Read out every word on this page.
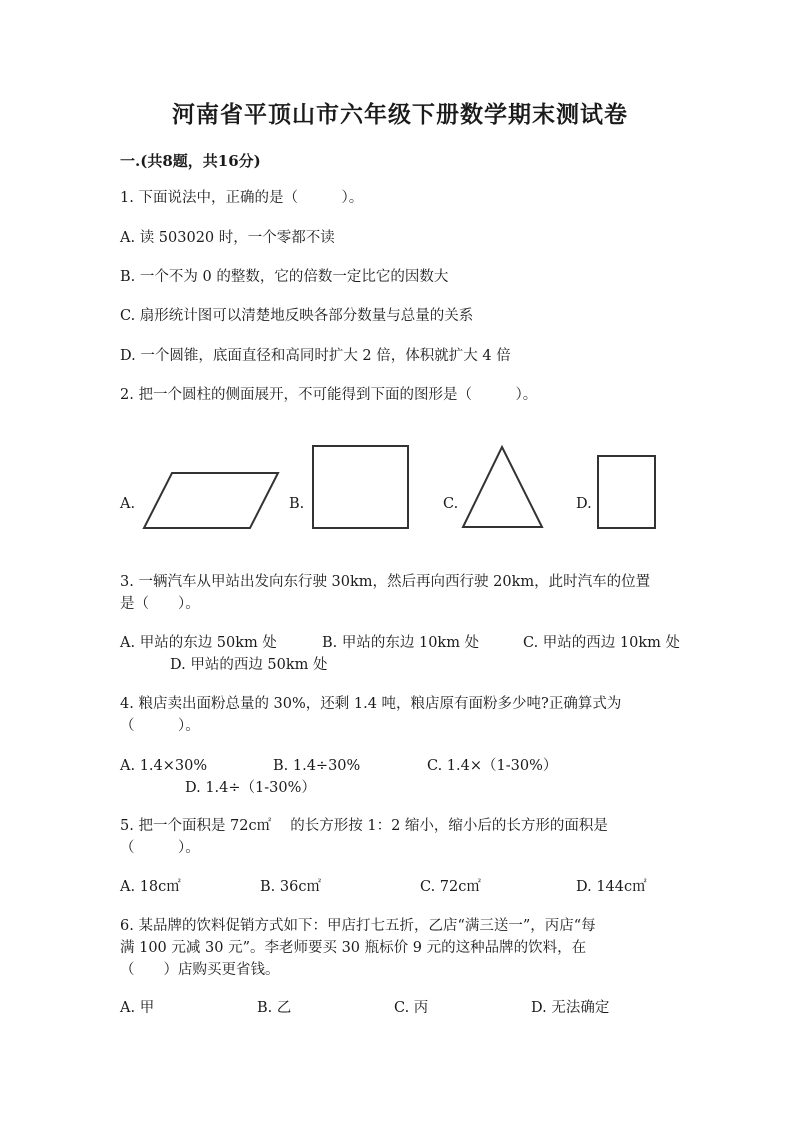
河南省平顶山市六年级下册数学期末测试卷
一.(共8题，共16分)
1. 下面说法中，正确的是（　　　）。
A. 读 503020 时，一个零都不读
B. 一个不为 0 的整数，它的倍数一定比它的因数大
C. 扇形统计图可以清楚地反映各部分数量与总量的关系
D. 一个圆锥，底面直径和高同时扩大 2 倍，体积就扩大 4 倍
2. 把一个圆柱的侧面展开，不可能得到下面的图形是（　　　）。
A.	B.	C.	D.
3. 一辆汽车从甲站出发向东行驶 30km，然后再向西行驶 20km，此时汽车的位置
是（　　）。
A. 甲站的东边 50km 处	B. 甲站的东边 10km 处	C. 甲站的西边 10km 处
D. 甲站的西边 50km 处
4. 粮店卖出面粉总量的 30%，还剩 1.4 吨，粮店原有面粉多少吨?正确算式为
（　　　）。
A. 1.4×30%	B. 1.4÷30%	C. 1.4×（1-30%）
D. 1.4÷（1-30%）
5. 把一个面积是 72c㎡　 的长方形按 1：2 缩小，缩小后的长方形的面积是
（　　　）。
A. 18c㎡	B. 36c㎡	C. 72c㎡	D. 144c㎡
6. 某品牌的饮料促销方式如下：甲店打七五折，乙店“满三送一”，丙店“每
满 100 元减 30 元”。李老师要买 30 瓶标价 9 元的这种品牌的饮料，在
（　　）店购买更省钱。
A. 甲	B. 乙	C. 丙	D. 无法确定
